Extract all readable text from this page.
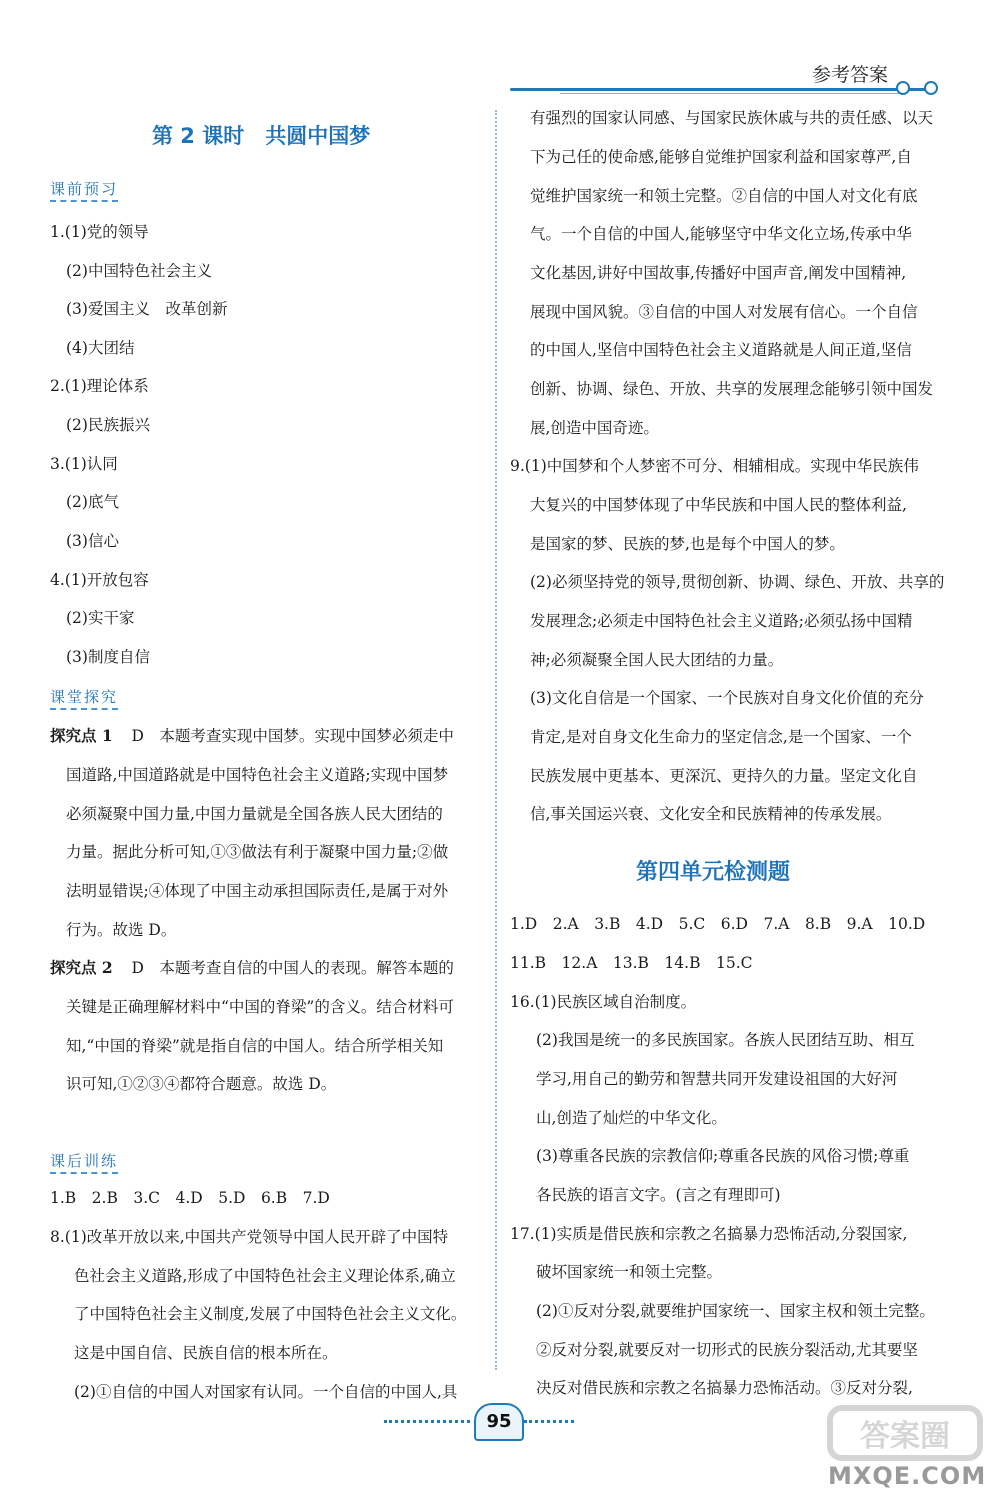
参考答案
第 2 课时　共圆中国梦
课前预习
1.(1)党的领导
(2)中国特色社会主义
(3)爱国主义　改革创新
(4)大团结
2.(1)理论体系
(2)民族振兴
3.(1)认同
(2)底气
(3)信心
4.(1)开放包容
(2)实干家
(3)制度自信
课堂探究
探究点 1 　D　本题考查实现中国梦。实现中国梦必须走中
国道路,中国道路就是中国特色社会主义道路;实现中国梦
必须凝聚中国力量,中国力量就是全国各族人民大团结的
力量。据此分析可知,①③做法有利于凝聚中国力量;②做
法明显错误;④体现了中国主动承担国际责任,是属于对外
行为。故选 D。
探究点 2 　D　本题考查自信的中国人的表现。解答本题的
关键是正确理解材料中“中国的脊梁”的含义。结合材料可
知,“中国的脊梁”就是指自信的中国人。结合所学相关知
识可知,①②③④都符合题意。故选 D。
课后训练
1.B　2.B　3.C　4.D　5.D　6.B　7.D
8.(1)改革开放以来,中国共产党领导中国人民开辟了中国特
色社会主义道路,形成了中国特色社会主义理论体系,确立
了中国特色社会主义制度,发展了中国特色社会主义文化。
这是中国自信、民族自信的根本所在。
(2)①自信的中国人对国家有认同。一个自信的中国人,具
有强烈的国家认同感、与国家民族休戚与共的责任感、以天
下为己任的使命感,能够自觉维护国家利益和国家尊严,自
觉维护国家统一和领土完整。②自信的中国人对文化有底
气。一个自信的中国人,能够坚守中华文化立场,传承中华
文化基因,讲好中国故事,传播好中国声音,阐发中国精神,
展现中国风貌。③自信的中国人对发展有信心。一个自信
的中国人,坚信中国特色社会主义道路就是人间正道,坚信
创新、协调、绿色、开放、共享的发展理念能够引领中国发
展,创造中国奇迹。
9.(1)中国梦和个人梦密不可分、相辅相成。实现中华民族伟
大复兴的中国梦体现了中华民族和中国人民的整体利益,
是国家的梦、民族的梦,也是每个中国人的梦。
(2)必须坚持党的领导,贯彻创新、协调、绿色、开放、共享的
发展理念;必须走中国特色社会主义道路;必须弘扬中国精
神;必须凝聚全国人民大团结的力量。
(3)文化自信是一个国家、一个民族对自身文化价值的充分
肯定,是对自身文化生命力的坚定信念,是一个国家、一个
民族发展中更基本、更深沉、更持久的力量。坚定文化自
信,事关国运兴衰、文化安全和民族精神的传承发展。
第四单元检测题
1.D　2.A　3.B　4.D　5.C　6.D　7.A　8.B　9.A　10.D
11.B　12.A　13.B　14.B　15.C
16.(1)民族区域自治制度。
(2)我国是统一的多民族国家。各族人民团结互助、相互
学习,用自己的勤劳和智慧共同开发建设祖国的大好河
山,创造了灿烂的中华文化。
(3)尊重各民族的宗教信仰;尊重各民族的风俗习惯;尊重
各民族的语言文字。(言之有理即可)
17.(1)实质是借民族和宗教之名搞暴力恐怖活动,分裂国家,
破坏国家统一和领土完整。
(2)①反对分裂,就要维护国家统一、国家主权和领土完整。
②反对分裂,就要反对一切形式的民族分裂活动,尤其要坚
决反对借民族和宗教之名搞暴力恐怖活动。③反对分裂,
95	答案圈
MXQE.COM
